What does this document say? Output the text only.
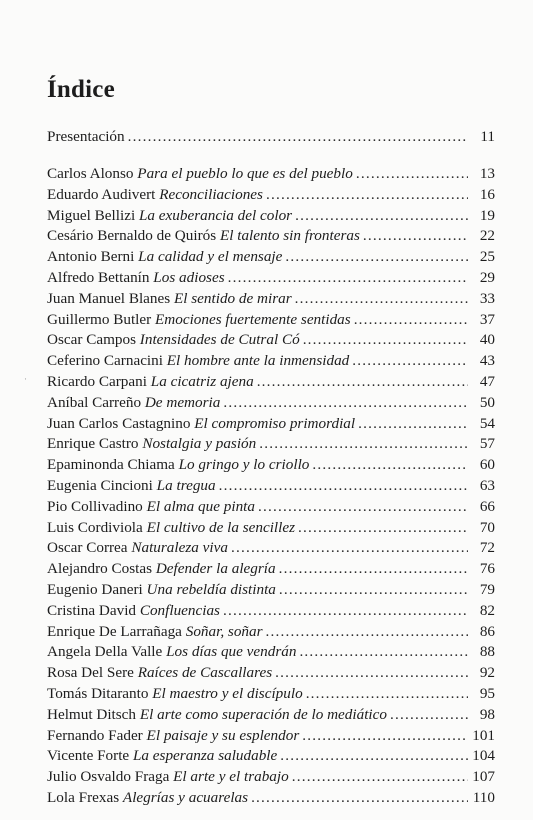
Índice
Presentación .....	11
Carlos Alonso Para el pueblo lo que es del pueblo .....	13
Eduardo Audivert Reconciliaciones .....	16
Miguel Bellizi La exuberancia del color .....	19
Cesário Bernaldo de Quirós El talento sin fronteras .....	22
Antonio Berni La calidad y el mensaje .....	25
Alfredo Bettanín Los adioses .....	29
Juan Manuel Blanes El sentido de mirar .....	33
Guillermo Butler Emociones fuertemente sentidas .....	37
Oscar Campos Intensidades de Cutral Có .....	40
Ceferino Carnacini El hombre ante la inmensidad .....	43
Ricardo Carpani La cicatriz ajena .....	47
Aníbal Carreño De memoria .....	50
Juan Carlos Castagnino El compromiso primordial .....	54
Enrique Castro Nostalgia y pasión .....	57
Epaminonda Chiama Lo gringo y lo criollo .....	60
Eugenia Cincioni La tregua .....	63
Pio Collivadino El alma que pinta .....	66
Luis Cordiviola El cultivo de la sencillez .....	70
Oscar Correa Naturaleza viva .....	72
Alejandro Costas Defender la alegría .....	76
Eugenio Daneri Una rebeldía distinta .....	79
Cristina David Confluencias .....	82
Enrique De Larrañaga Soñar, soñar .....	86
Angela Della Valle Los días que vendrán .....	88
Rosa Del Sere Raíces de Cascallares .....	92
Tomás Ditaranto El maestro y el discípulo .....	95
Helmut Ditsch El arte como superación de lo mediático .....	98
Fernando Fader El paisaje y su esplendor .....	101
Vicente Forte La esperanza saludable .....	104
Julio Osvaldo Fraga El arte y el trabajo .....	107
Lola Frexas Alegrías y acuarelas .....	110
·
